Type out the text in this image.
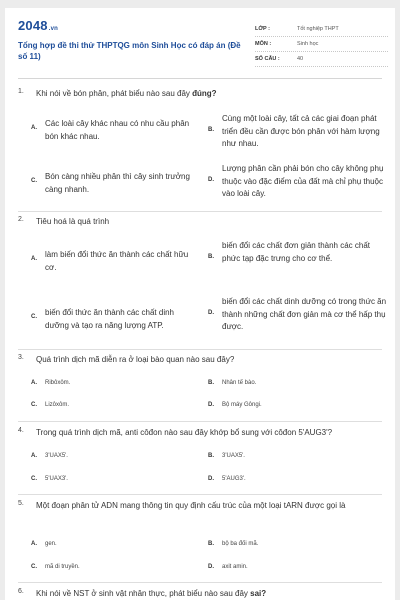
2048.vn
Tổng hợp đề thi thử THPTQG môn Sinh Học có đáp án (Đề số 11)
LỚP :	Tốt nghiệp THPT
MÔN :	Sinh học
SỐ CÂU :	40
1. Khi nói về bón phân, phát biểu nào sau đây đúng?
A. Các loài cây khác nhau có nhu cầu phân bón khác nhau.
B.
Cùng một loài cây, tất cả các giai đoạn phát triển đều cần được bón phân với hàm lượng như nhau.
C. Bón càng nhiều phân thì cây sinh trưởng càng nhanh.
D.
Lượng phân cần phải bón cho cây không phụ thuộc vào đặc điểm của đất mà chỉ phụ thuộc vào loài cây.
2. Tiêu hoá là quá trình
A. làm biến đổi thức ăn thành các chất hữu cơ.
B.
biến đổi các chất đơn giản thành các chất phức tạp đặc trưng cho cơ thể.
C. biến đổi thức ăn thành các chất dinh dưỡng và tạo ra năng lượng ATP.
D.
biến đổi các chất dinh dưỡng có trong thức ăn thành những chất đơn giản mà cơ thể hấp thụ được.
3. Quá trình dịch mã diễn ra ở loại bào quan nào sau đây?
A. Ribôxôm.	B. Nhân tế bào.
C. Lizôxôm.	D. Bộ máy Gôngi.
4. Trong quá trình dịch mã, anti côđon nào sau đây khớp bổ sung với côđon 5'AUG3'?
A. 3'UAX5'.	B. 3'UAX5'.
C. 5'UAX3'.	D. 5'AUG3'.
5. Một đoạn phân tử ADN mang thông tin quy định cấu trúc của một loại tARN được gọi là
A. gen.	B. bộ ba đối mã.
C. mã di truyền.	D. axit amin.
6. Khi nói về NST ở sinh vật nhân thực, phát biểu nào sau đây sai?
